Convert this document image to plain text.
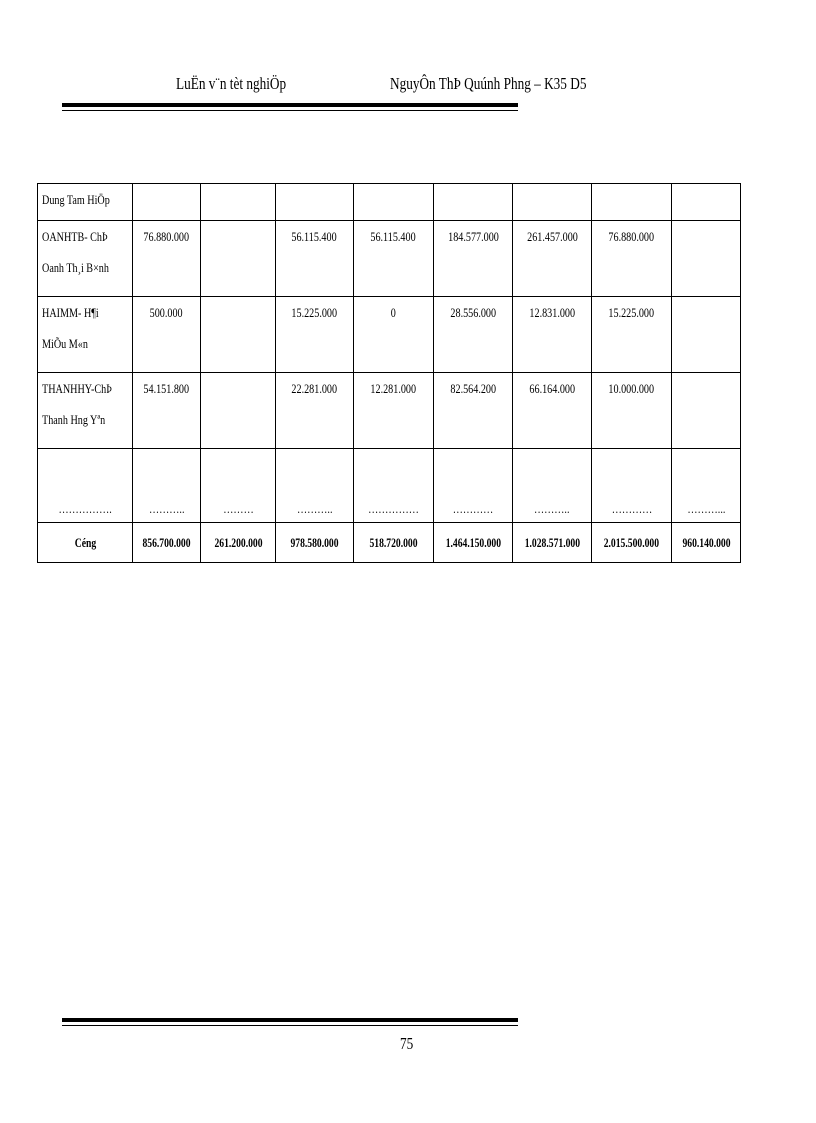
LuËn v¨n tèt nghiÖp	NguyÔn ThÞ Quúnh Phng – K35 D5
Dung Tam HiÖp								

OANHTB- ChÞ
Oanh Th¸i B×nh	76.880.000		56.115.400	56.115.400	184.577.000	261.457.000	76.880.000	

HAIMM- H¶i
MiÕu M«n	500.000		15.225.000	0	28.556.000	12.831.000	15.225.000	

THANHHY-ChÞ
Thanh Hng Yªn	54.151.800		22.281.000	12.281.000	82.564.200	66.164.000	10.000.000	
…………….	………..	………	………..	……………	…………	………..	…………	………...
Céng	856.700.000	261.200.000	978.580.000	518.720.000	1.464.150.000	1.028.571.000	2.015.500.000	960.140.000
75
